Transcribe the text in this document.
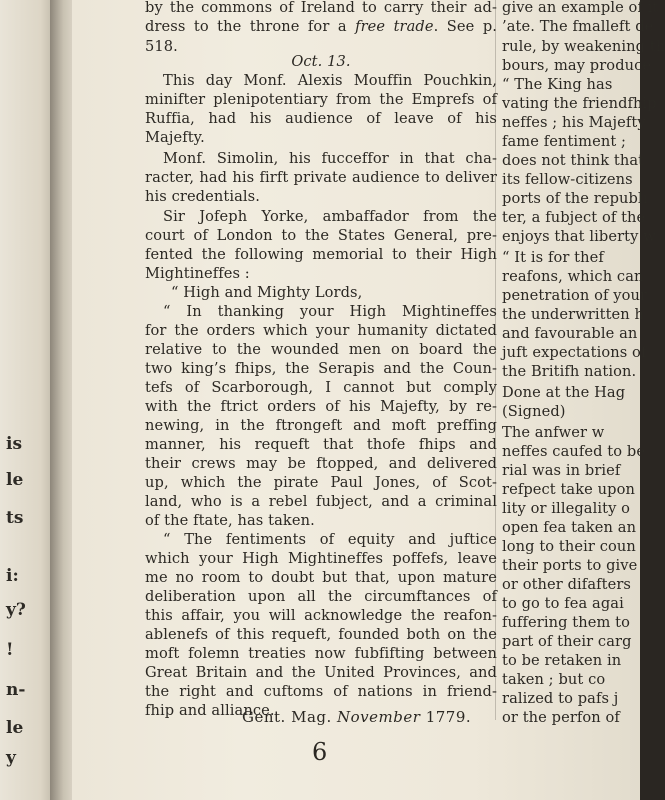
is
le
ts
i:
y?
!
n-
le
y
by the commons of Ireland to carry their ad-
dress to the throne for a free trade. See p.
518.
Oct. 13.
This day Monf. Alexis Mouffin Pouchkin,
minifter plenipotentiary from the Emprefs of
Ruffia, had his audience of leave of his
Majefty.
Monf. Simolin, his fucceffor in that cha-
racter, had his firft private audience to deliver
his credentials.
Sir Jofeph Yorke, ambaffador from the
court of London to the States General, pre-
fented the following memorial to their High
Mightineffes :
“ High and Mighty Lords,
“ In thanking your High Mightineffes
for the orders which your humanity dictated
relative to the wounded men on board the
two king’s fhips, the Serapis and the Coun-
tefs of Scarborough, I cannot but comply
with the ftrict orders of his Majefty, by re-
newing, in the ftrongeft and moft preffing
manner, his requeft that thofe fhips and
their crews may be ftopped, and delivered
up, which the pirate Paul Jones, of Scot-
land, who is a rebel fubject, and a criminal
of the ftate, has taken.
“ The fentiments of equity and juftice
which your High Mightineffes poffefs, leave
me no room to doubt but that, upon mature
deliberation upon all the circumftances of
this affair, you will acknowledge the reafon-
ablenefs of this requeft, founded both on the
moft folemn treaties now fubfifting between
Great Britain and the United Provinces, and
the right and cuftoms of nations in friend-
fhip and alliance.
give an example of it
’ate. The fmalleft de
rule, by weakening th
bours, may produce
“ The King has
vating the friendfhip
neffes ; his Majefty
fame fentiment ;
does not think that
its fellow-citizens
ports of the republi
ter, a fubject of the
enjoys that liberty w
“ It is for thef
reafons, which can
penetration of your
the underwritten h
and favourable an
juft expectations of
the Britifh nation.
Done at the Hag
(Signed)
The anfwer w
neffes caufed to be
rial was in brief
refpect take upon
lity or illegality o
open fea taken an
long to their coun
their ports to give
or other difafters
to go to fea agai
fuffering them to
part of their carg
to be retaken in
taken ; but co
ralized to pafs j
or the perfon of
Gent. Mag. November 1779.
6
